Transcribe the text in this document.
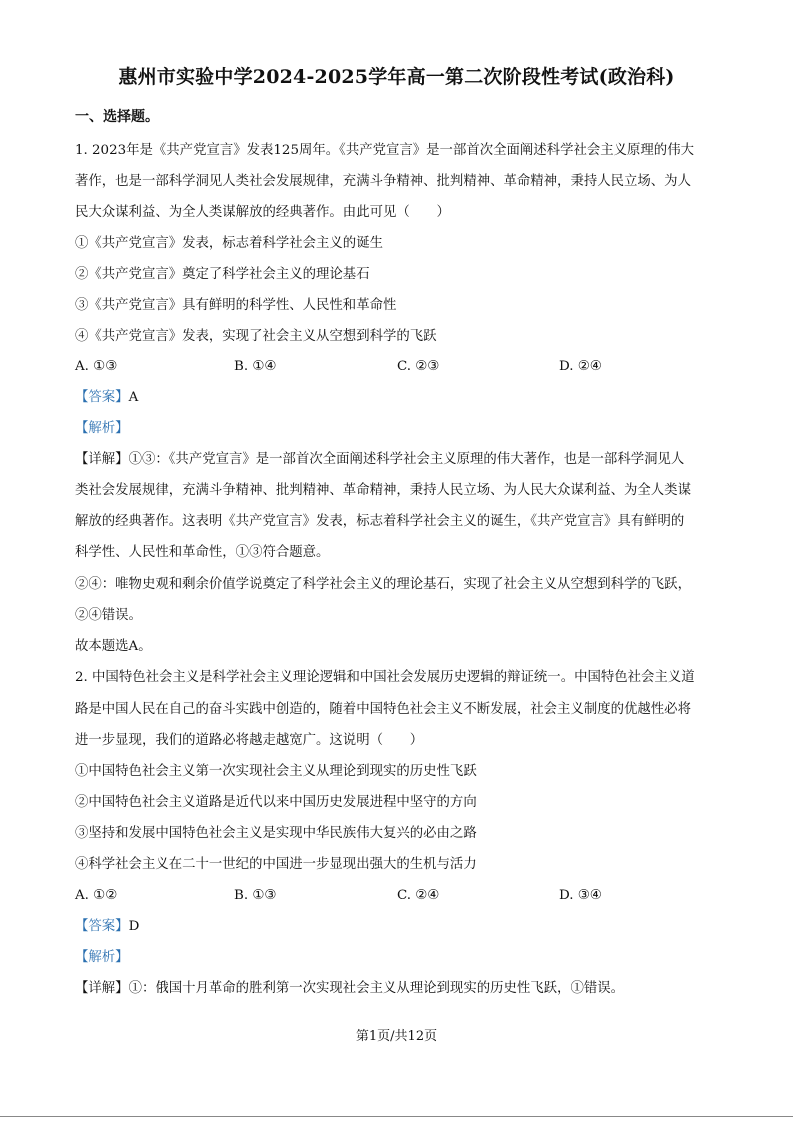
惠州市实验中学2024-2025学年高一第二次阶段性考试(政治科)
一、选择题。
1. 2023年是《共产党宣言》发表125周年。《共产党宣言》是一部首次全面阐述科学社会主义原理的伟大
著作，也是一部科学洞见人类社会发展规律，充满斗争精神、批判精神、革命精神，秉持人民立场、为人
民大众谋利益、为全人类谋解放的经典著作。由此可见（　　）
①《共产党宣言》发表，标志着科学社会主义的诞生
②《共产党宣言》奠定了科学社会主义的理论基石
③《共产党宣言》具有鲜明的科学性、人民性和革命性
④《共产党宣言》发表，实现了社会主义从空想到科学的飞跃
A. ①③	B. ①④	C. ②③	D. ②④
【答案】A
【解析】
【详解】①③：《共产党宣言》是一部首次全面阐述科学社会主义原理的伟大著作，也是一部科学洞见人
类社会发展规律，充满斗争精神、批判精神、革命精神，秉持人民立场、为人民大众谋利益、为全人类谋
解放的经典著作。这表明《共产党宣言》发表，标志着科学社会主义的诞生，《共产党宣言》具有鲜明的
科学性、人民性和革命性，①③符合题意。
②④：唯物史观和剩余价值学说奠定了科学社会主义的理论基石，实现了社会主义从空想到科学的飞跃，
②④错误。
故本题选A。
2. 中国特色社会主义是科学社会主义理论逻辑和中国社会发展历史逻辑的辩证统一。中国特色社会主义道
路是中国人民在自己的奋斗实践中创造的，随着中国特色社会主义不断发展，社会主义制度的优越性必将
进一步显现，我们的道路必将越走越宽广。这说明（　　）
①中国特色社会主义第一次实现社会主义从理论到现实的历史性飞跃
②中国特色社会主义道路是近代以来中国历史发展进程中坚守的方向
③坚持和发展中国特色社会主义是实现中华民族伟大复兴的必由之路
④科学社会主义在二十一世纪的中国进一步显现出强大的生机与活力
A. ①②	B. ①③	C. ②④	D. ③④
【答案】D
【解析】
【详解】①：俄国十月革命的胜利第一次实现社会主义从理论到现实的历史性飞跃，①错误。
第1页/共12页
